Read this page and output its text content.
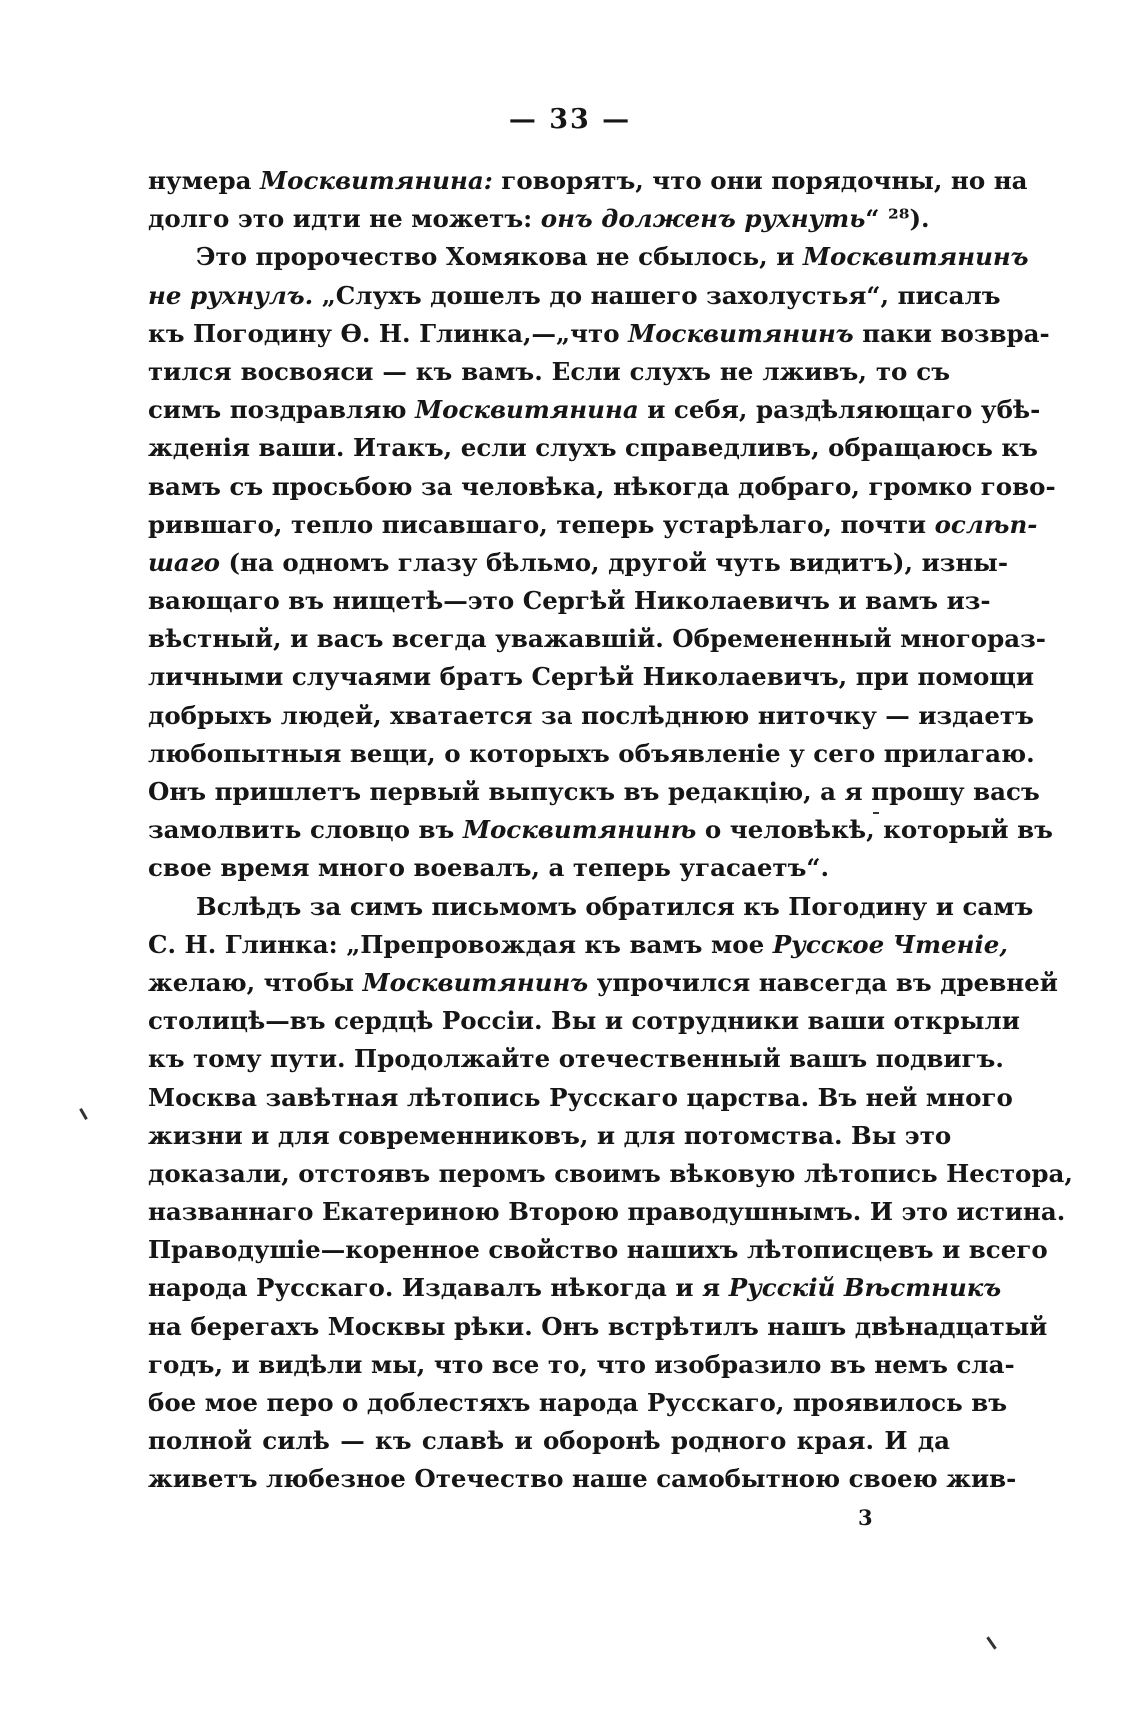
— 33 —
нумера Москвитянина: говорятъ, что они порядочны, но на
долго это идти не можетъ: онъ долженъ рухнуть“ ²⁸).
Это пророчество Хомякова не сбылось, и Москвитянинъ
не рухнулъ. „Слухъ дошелъ до нашего захолустья“, писалъ
къ Погодину Ѳ. Н. Глинка,—„что Москвитянинъ паки возвра-
тился восвояси — къ вамъ. Если слухъ не лживъ, то съ
симъ поздравляю Москвитянина и себя, раздѣляющаго убѣ-
жденія ваши. Итакъ, если слухъ справедливъ, обращаюсь къ
вамъ съ просьбою за человѣка, нѣкогда добраго, громко гово-
рившаго, тепло писавшаго, теперь устарѣлаго, почти ослѣп-
шаго (на одномъ глазу бѣльмо, другой чуть видитъ), изны-
вающаго въ нищетѣ—это Сергѣй Николаевичъ и вамъ из-
вѣстный, и васъ всегда уважавшій. Обремененный многораз-
личными случаями братъ Сергѣй Николаевичъ, при помощи
добрыхъ людей, хватается за послѣднюю ниточку — издаетъ
любопытныя вещи, о которыхъ объявленіе у сего прилагаю.
Онъ пришлетъ первый выпускъ въ редакцію, а я прошу васъ
замолвить словцо въ Москвитянинѣ о человѣкѣ, который въ
свое время много воевалъ, а теперь угасаетъ“.
Вслѣдъ за симъ письмомъ обратился къ Погодину и самъ
С. Н. Глинка: „Препровождая къ вамъ мое Русское Чтеніе,
желаю, чтобы Москвитянинъ упрочился навсегда въ древней
столицѣ—въ сердцѣ Россіи. Вы и сотрудники ваши открыли
къ тому пути. Продолжайте отечественный вашъ подвигъ.
Москва завѣтная лѣтопись Русскаго царства. Въ ней много
жизни и для современниковъ, и для потомства. Вы это
доказали, отстоявъ перомъ своимъ вѣковую лѣтопись Нестора,
названнаго Екатериною Второю праводушнымъ. И это истина.
Праводушіе—коренное свойство нашихъ лѣтописцевъ и всего
народа Русскаго. Издавалъ нѣкогда и я Русскій Вѣстникъ
на берегахъ Москвы рѣки. Онъ встрѣтилъ нашъ двѣнадцатый
годъ, и видѣли мы, что все то, что изобразило въ немъ сла-
бое мое перо о доблестяхъ народа Русскаго, проявилось въ
полной силѣ — къ славѣ и оборонѣ родного края. И да
живетъ любезное Отечество наше самобытною своею жив-
3
